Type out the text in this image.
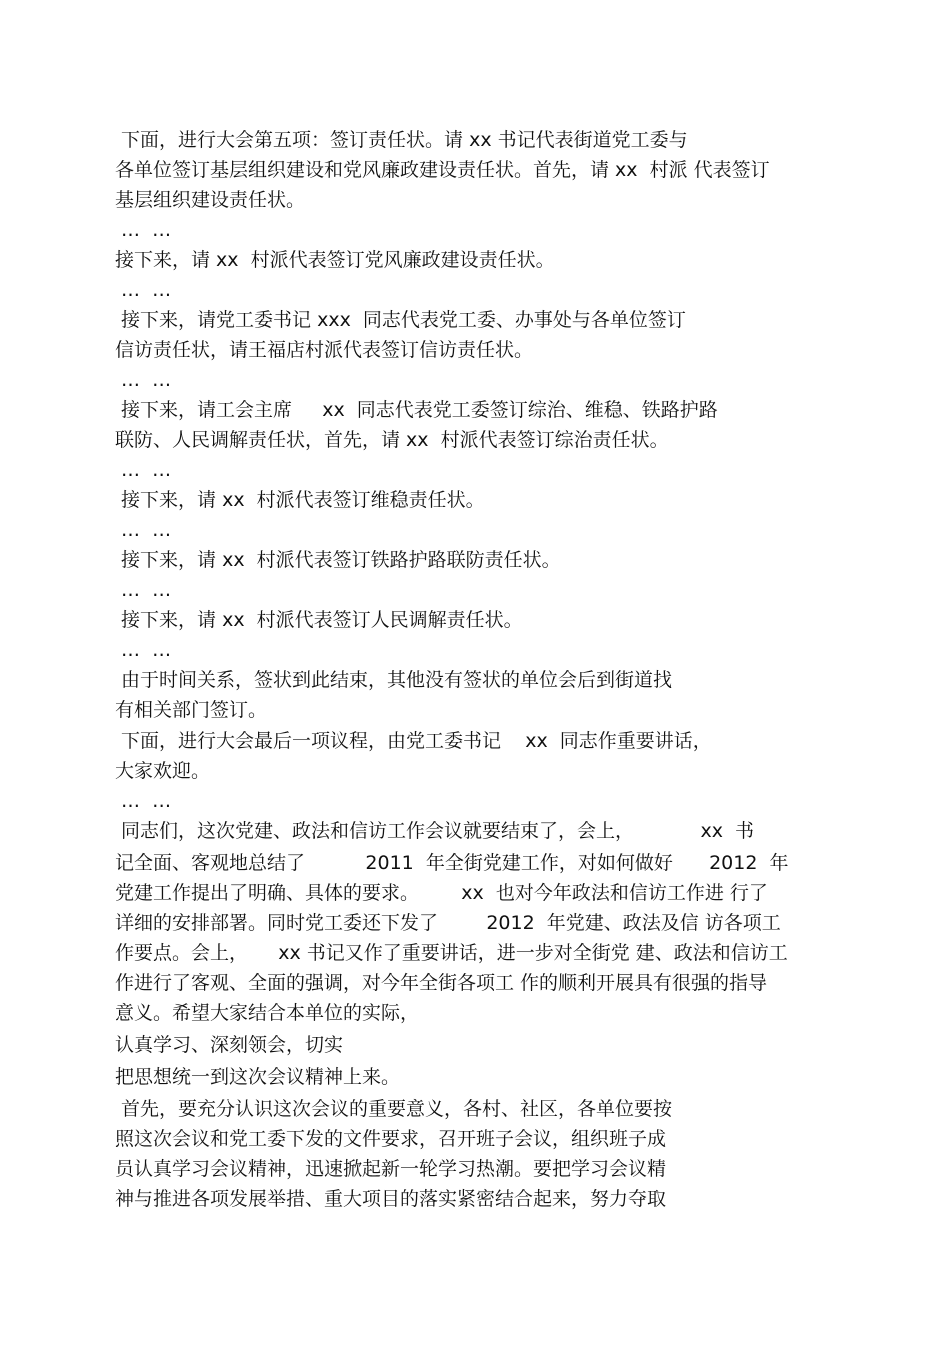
下面，进行大会第五项：签订责任状。请 xx 书记代表街道党工委与
各单位签订基层组织建设和党风廉政建设责任状。首先，请 xx  村派 代表签订
基层组织建设责任状。
…  …
接下来，请 xx  村派代表签订党风廉政建设责任状。
…  …
接下来，请党工委书记 xxx  同志代表党工委、办事处与各单位签订
信访责任状，请王福店村派代表签订信访责任状。
…  …
接下来，请工会主席     xx  同志代表党工委签订综治、维稳、铁路护路
联防、人民调解责任状，首先，请 xx  村派代表签订综治责任状。
…  …
接下来，请 xx  村派代表签订维稳责任状。
…  …
接下来，请 xx  村派代表签订铁路护路联防责任状。
…  …
接下来，请 xx  村派代表签订人民调解责任状。
…  …
由于时间关系，签状到此结束，其他没有签状的单位会后到街道找
有相关部门签订。
下面，进行大会最后一项议程，由党工委书记    xx  同志作重要讲话，
大家欢迎。
…  …
同志们，这次党建、政法和信访工作会议就要结束了，会上，           xx  书
记全面、客观地总结了          2011  年全街党建工作，对如何做好      2012  年
党建工作提出了明确、具体的要求。       xx  也对今年政法和信访工作进 行了
详细的安排部署。同时党工委还下发了        2012  年党建、政法及信 访各项工
作要点。会上，     xx 书记又作了重要讲话，进一步对全街党 建、政法和信访工
作进行了客观、全面的强调，对今年全街各项工 作的顺利开展具有很强的指导
意义。希望大家结合本单位的实际，
认真学习、深刻领会，切实
把思想统一到这次会议精神上来。
首先，要充分认识这次会议的重要意义，各村、社区，各单位要按
照这次会议和党工委下发的文件要求，召开班子会议，组织班子成
员认真学习会议精神，迅速掀起新一轮学习热潮。要把学习会议精
神与推进各项发展举措、重大项目的落实紧密结合起来，努力夺取
